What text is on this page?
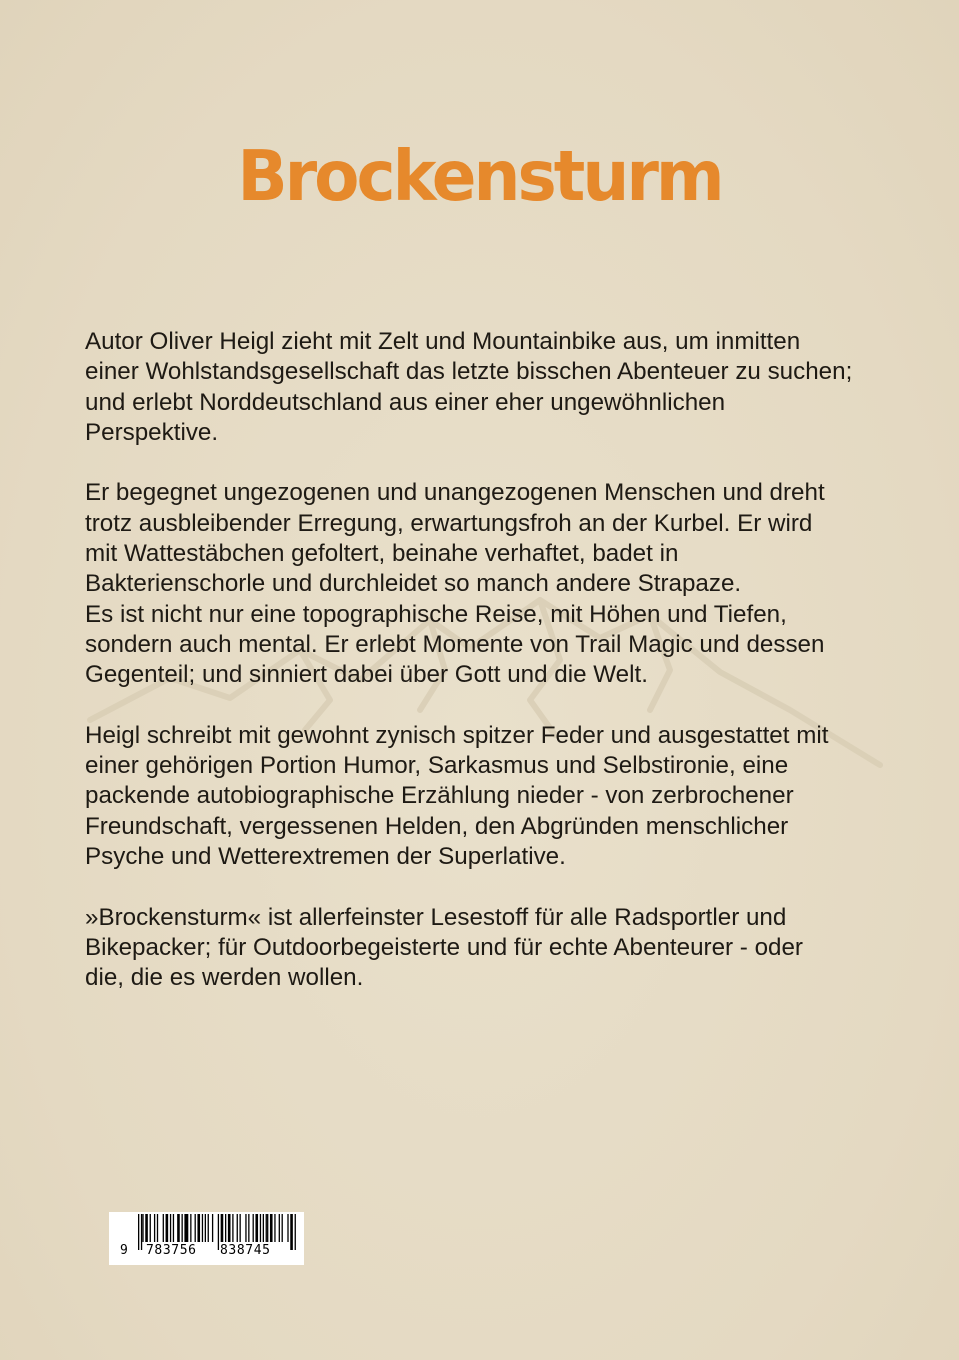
Brockensturm

Autor Oliver Heigl zieht mit Zelt und Mountainbike aus, um inmitten
einer Wohlstandsgesellschaft das letzte bisschen Abenteuer zu suchen;
und erlebt Norddeutschland aus einer eher ungewöhnlichen
Perspektive.

Er begegnet ungezogenen und unangezogenen Menschen und dreht
trotz ausbleibender Erregung, erwartungsfroh an der Kurbel. Er wird
mit Wattestäbchen gefoltert, beinahe verhaftet, badet in
Bakterienschorle und durchleidet so manch andere Strapaze.
Es ist nicht nur eine topographische Reise, mit Höhen und Tiefen,
sondern auch mental. Er erlebt Momente von Trail Magic und dessen
Gegenteil; und sinniert dabei über Gott und die Welt.

Heigl schreibt mit gewohnt zynisch spitzer Feder und ausgestattet mit
einer gehörigen Portion Humor, Sarkasmus und Selbstironie, eine
packende autobiographische Erzählung nieder - von zerbrochener
Freundschaft, vergessenen Helden, den Abgründen menschlicher
Psyche und Wetterextremen der Superlative.

»Brockensturm« ist allerfeinster Lesestoff für alle Radsportler und
Bikepacker; für Outdoorbegeisterte und für echte Abenteurer - oder
die, die es werden wollen.

9 783756 838745
